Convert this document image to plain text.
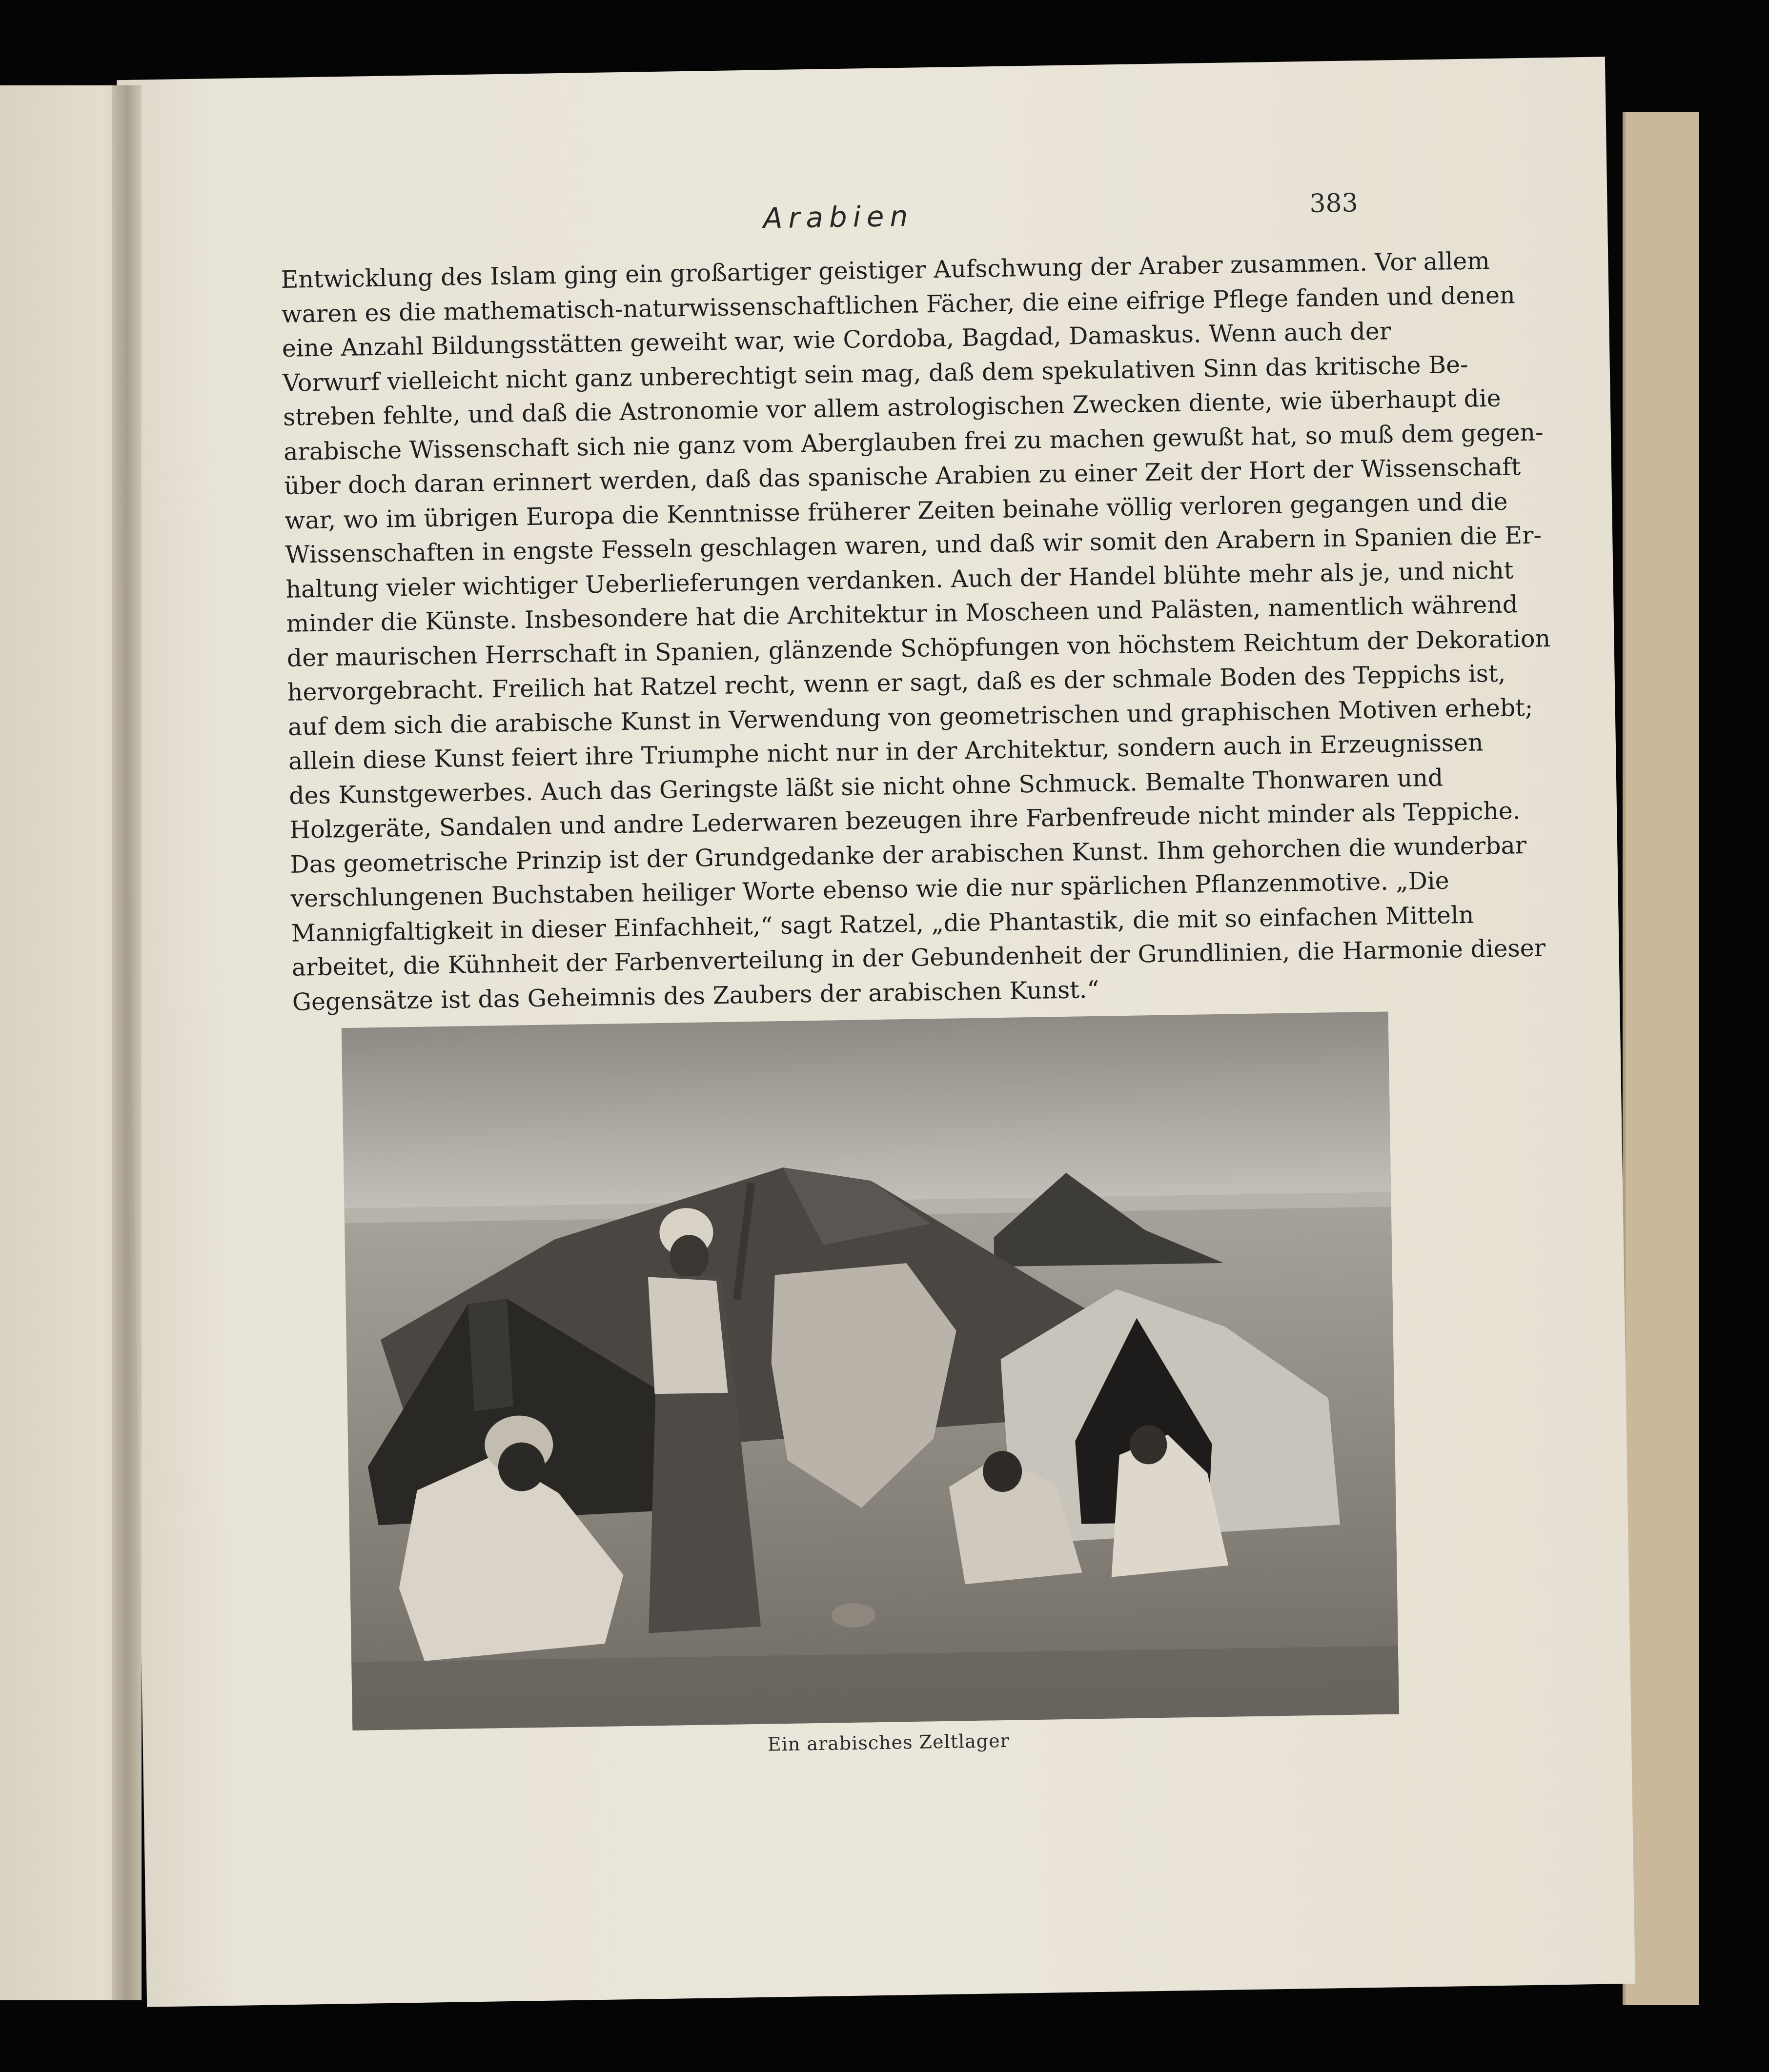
Arabien	383

Entwicklung des Islam ging ein großartiger geistiger Aufschwung der Araber zusammen. Vor allem

waren es die mathematisch-naturwissenschaftlichen Fächer, die eine eifrige Pflege fanden und denen

eine Anzahl Bildungsstätten geweiht war, wie Cordoba, Bagdad, Damaskus. Wenn auch der

Vorwurf vielleicht nicht ganz unberechtigt sein mag, daß dem spekulativen Sinn das kritische Be-

streben fehlte, und daß die Astronomie vor allem astrologischen Zwecken diente, wie überhaupt die

arabische Wissenschaft sich nie ganz vom Aberglauben frei zu machen gewußt hat, so muß dem gegen-

über doch daran erinnert werden, daß das spanische Arabien zu einer Zeit der Hort der Wissenschaft

war, wo im übrigen Europa die Kenntnisse früherer Zeiten beinahe völlig verloren gegangen und die

Wissenschaften in engste Fesseln geschlagen waren, und daß wir somit den Arabern in Spanien die Er-

haltung vieler wichtiger Ueberlieferungen verdanken. Auch der Handel blühte mehr als je, und nicht

minder die Künste. Insbesondere hat die Architektur in Moscheen und Palästen, namentlich während

der maurischen Herrschaft in Spanien, glänzende Schöpfungen von höchstem Reichtum der Dekoration

hervorgebracht. Freilich hat Ratzel recht, wenn er sagt, daß es der schmale Boden des Teppichs ist,

auf dem sich die arabische Kunst in Verwendung von geometrischen und graphischen Motiven erhebt;

allein diese Kunst feiert ihre Triumphe nicht nur in der Architektur, sondern auch in Erzeugnissen

des Kunstgewerbes. Auch das Geringste läßt sie nicht ohne Schmuck. Bemalte Thonwaren und

Holzgeräte, Sandalen und andre Lederwaren bezeugen ihre Farbenfreude nicht minder als Teppiche.

Das geometrische Prinzip ist der Grundgedanke der arabischen Kunst. Ihm gehorchen die wunderbar

verschlungenen Buchstaben heiliger Worte ebenso wie die nur spärlichen Pflanzenmotive. „Die

Mannigfaltigkeit in dieser Einfachheit,“ sagt Ratzel, „die Phantastik, die mit so einfachen Mitteln

arbeitet, die Kühnheit der Farbenverteilung in der Gebundenheit der Grundlinien, die Harmonie dieser

Gegensätze ist das Geheimnis des Zaubers der arabischen Kunst.“

Ein arabisches Zeltlager
